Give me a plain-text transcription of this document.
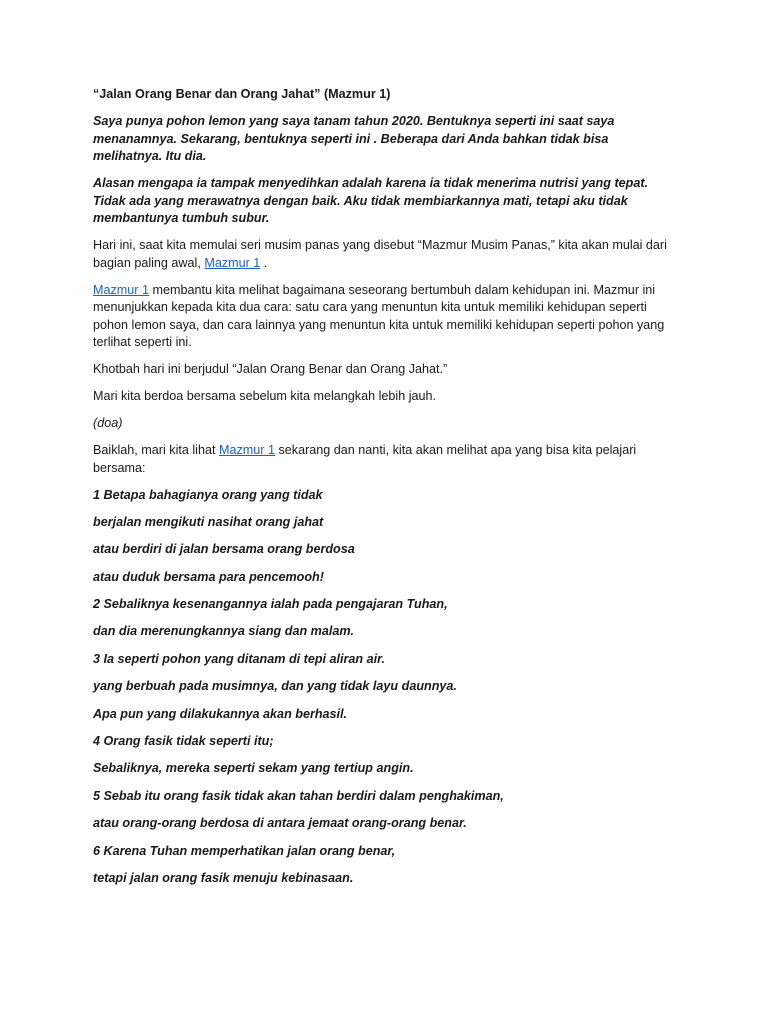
“Jalan Orang Benar dan Orang Jahat” (Mazmur 1)

Saya punya pohon lemon yang saya tanam tahun 2020. Bentuknya seperti ini saat saya menanamnya. Sekarang, bentuknya seperti ini . Beberapa dari Anda bahkan tidak bisa melihatnya. Itu dia.

Alasan mengapa ia tampak menyedihkan adalah karena ia tidak menerima nutrisi yang tepat. Tidak ada yang merawatnya dengan baik. Aku tidak membiarkannya mati, tetapi aku tidak membantunya tumbuh subur.

Hari ini, saat kita memulai seri musim panas yang disebut “Mazmur Musim Panas,” kita akan mulai dari bagian paling awal, Mazmur 1 .

Mazmur 1 membantu kita melihat bagaimana seseorang bertumbuh dalam kehidupan ini. Mazmur ini menunjukkan kepada kita dua cara: satu cara yang menuntun kita untuk memiliki kehidupan seperti pohon lemon saya, dan cara lainnya yang menuntun kita untuk memiliki kehidupan seperti pohon yang terlihat seperti ini.

Khotbah hari ini berjudul “Jalan Orang Benar dan Orang Jahat.”

Mari kita berdoa bersama sebelum kita melangkah lebih jauh.

(doa)

Baiklah, mari kita lihat Mazmur 1 sekarang dan nanti, kita akan melihat apa yang bisa kita pelajari bersama:

1 Betapa bahagianya orang yang tidak

berjalan mengikuti nasihat orang jahat

atau berdiri di jalan bersama orang berdosa

atau duduk bersama para pencemooh!

2 Sebaliknya kesenangannya ialah pada pengajaran Tuhan,

dan dia merenungkannya siang dan malam.

3 Ia seperti pohon yang ditanam di tepi aliran air.

yang berbuah pada musimnya, dan yang tidak layu daunnya.

Apa pun yang dilakukannya akan berhasil.

4 Orang fasik tidak seperti itu;

Sebaliknya, mereka seperti sekam yang tertiup angin.

5 Sebab itu orang fasik tidak akan tahan berdiri dalam penghakiman,

atau orang-orang berdosa di antara jemaat orang-orang benar.

6 Karena Tuhan memperhatikan jalan orang benar,

tetapi jalan orang fasik menuju kebinasaan.
